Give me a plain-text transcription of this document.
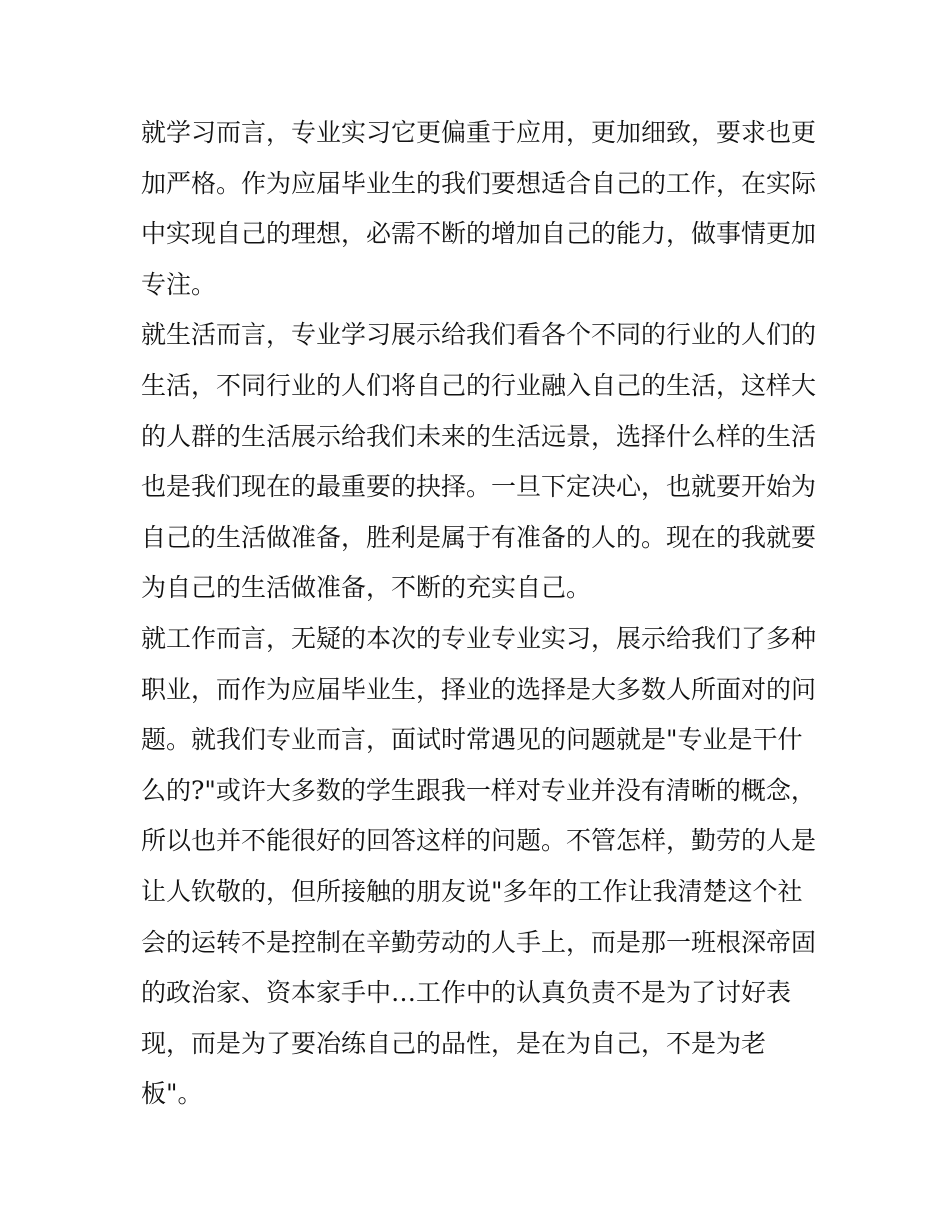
就学习而言，专业实习它更偏重于应用，更加细致，要求也更
加严格。作为应届毕业生的我们要想适合自己的工作，在实际
中实现自己的理想，必需不断的增加自己的能力，做事情更加
专注。
就生活而言，专业学习展示给我们看各个不同的行业的人们的
生活，不同行业的人们将自己的行业融入自己的生活，这样大
的人群的生活展示给我们未来的生活远景，选择什么样的生活
也是我们现在的最重要的抉择。一旦下定决心，也就要开始为
自己的生活做准备，胜利是属于有准备的人的。现在的我就要
为自己的生活做准备，不断的充实自己。
就工作而言，无疑的本次的专业专业实习，展示给我们了多种
职业，而作为应届毕业生，择业的选择是大多数人所面对的问
题。就我们专业而言，面试时常遇见的问题就是"专业是干什
么的?"或许大多数的学生跟我一样对专业并没有清晰的概念，
所以也并不能很好的回答这样的问题。不管怎样，勤劳的人是
让人钦敬的，但所接触的朋友说"多年的工作让我清楚这个社
会的运转不是控制在辛勤劳动的人手上，而是那一班根深帝固
的政治家、资本家手中…工作中的认真负责不是为了讨好表
现，而是为了要冶练自己的品性，是在为自己，不是为老
板"。
